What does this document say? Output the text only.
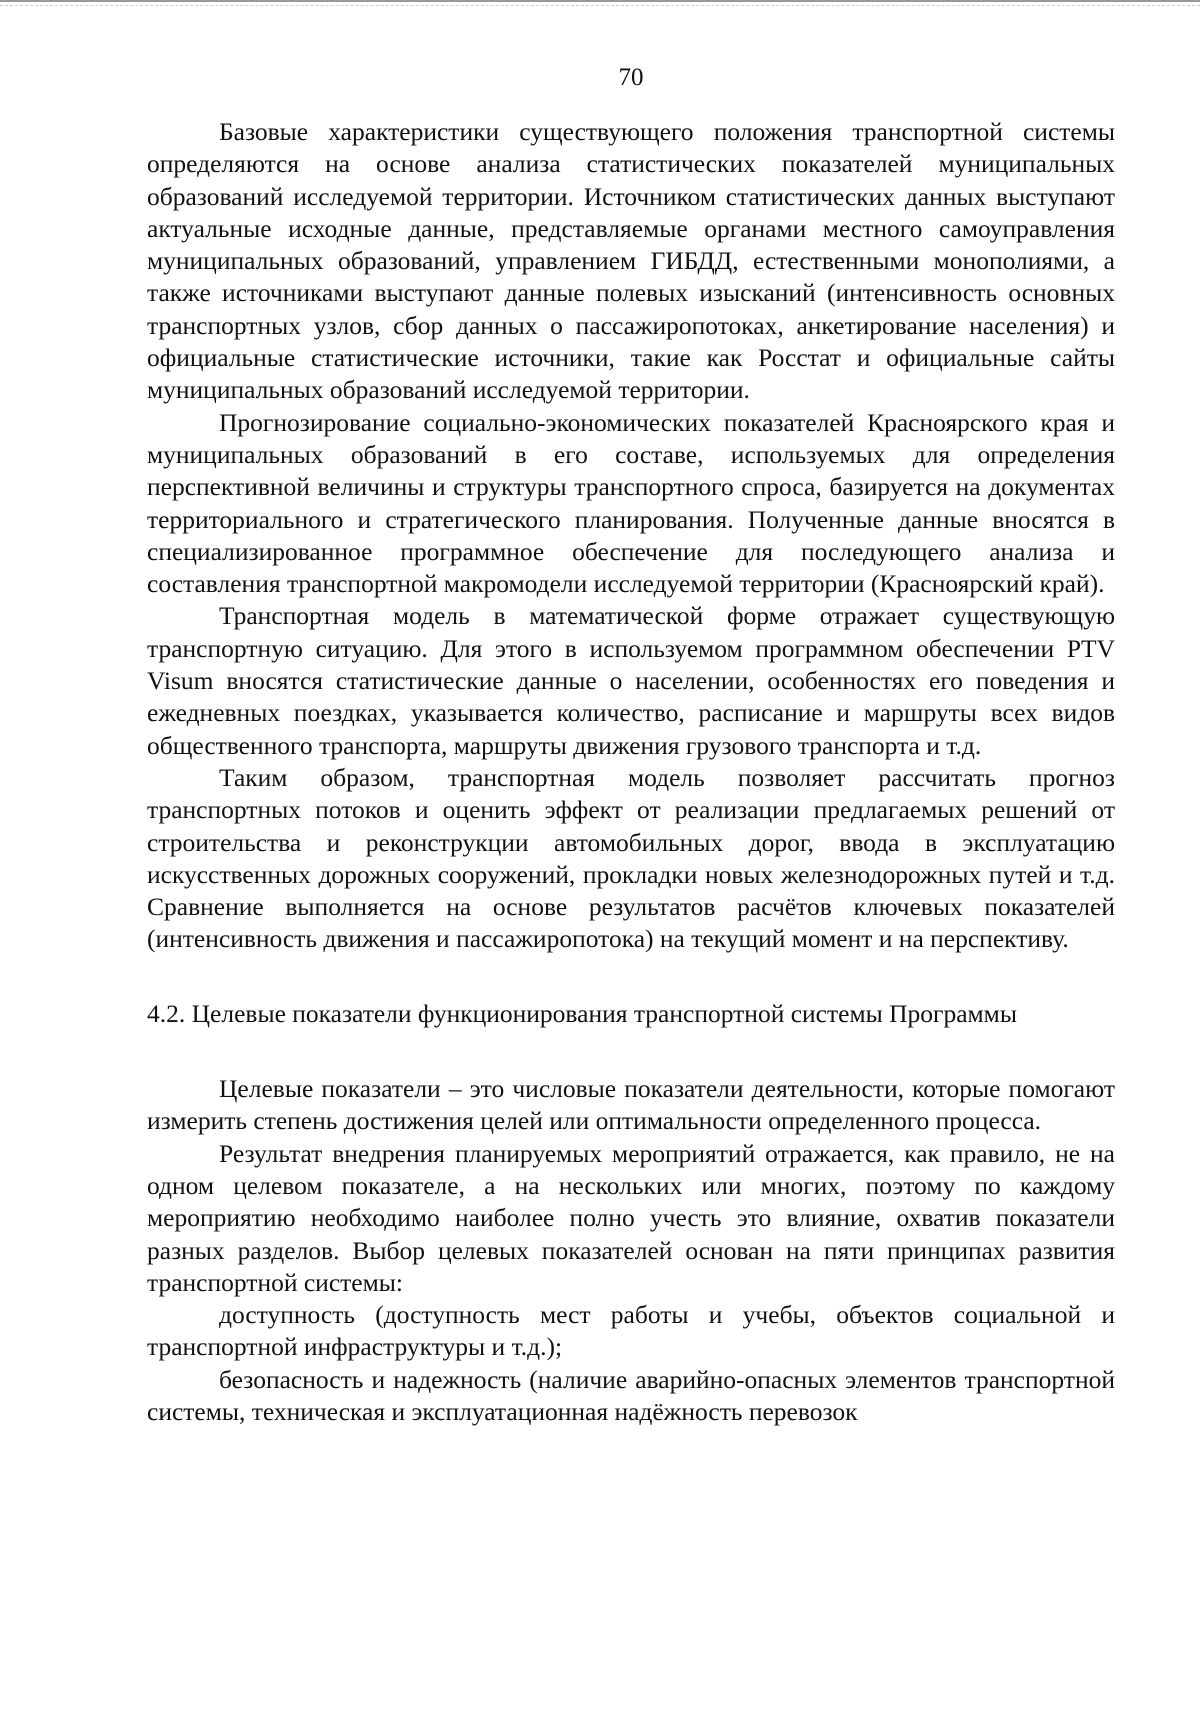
70

Базовые характеристики существующего положения транспортной системы определяются на основе анализа статистических показателей муниципальных образований исследуемой территории. Источником статистических данных выступают актуальные исходные данные, представляемые органами местного самоуправления муниципальных образований, управлением ГИБДД, естественными монополиями, а также источниками выступают данные полевых изысканий (интенсивность основных транспортных узлов, сбор данных о пассажиропотоках, анкетирование населения) и официальные статистические источники, такие как Росстат и официальные сайты муниципальных образований исследуемой территории.

Прогнозирование социально-экономических показателей Красноярского края и муниципальных образований в его составе, используемых для определения перспективной величины и структуры транспортного спроса, базируется на документах территориального и стратегического планирования. Полученные данные вносятся в специализированное программное обеспечение для последующего анализа и составления транспортной макромодели исследуемой территории (Красноярский край).

Транспортная модель в математической форме отражает существующую транспортную ситуацию. Для этого в используемом программном обеспечении PTV Visum вносятся статистические данные о населении, особенностях его поведения и ежедневных поездках, указывается количество, расписание и маршруты всех видов общественного транспорта, маршруты движения грузового транспорта и т.д.

Таким образом, транспортная модель позволяет рассчитать прогноз транспортных потоков и оценить эффект от реализации предлагаемых решений от строительства и реконструкции автомобильных дорог, ввода в эксплуатацию искусственных дорожных сооружений, прокладки новых железнодорожных путей и т.д. Сравнение выполняется на основе результатов расчётов ключевых показателей (интенсивность движения и пассажиропотока) на текущий момент и на перспективу.

4.2. Целевые показатели функционирования транспортной системы Программы

Целевые показатели – это числовые показатели деятельности, которые помогают измерить степень достижения целей или оптимальности определенного процесса.

Результат внедрения планируемых мероприятий отражается, как правило, не на одном целевом показателе, а на нескольких или многих, поэтому по каждому мероприятию необходимо наиболее полно учесть это влияние, охватив показатели разных разделов. Выбор целевых показателей основан на пяти принципах развития транспортной системы:

доступность (доступность мест работы и учебы, объектов социальной и транспортной инфраструктуры и т.д.);

безопасность и надежность (наличие аварийно-опасных элементов транспортной системы, техническая и эксплуатационная надёжность перевозок
